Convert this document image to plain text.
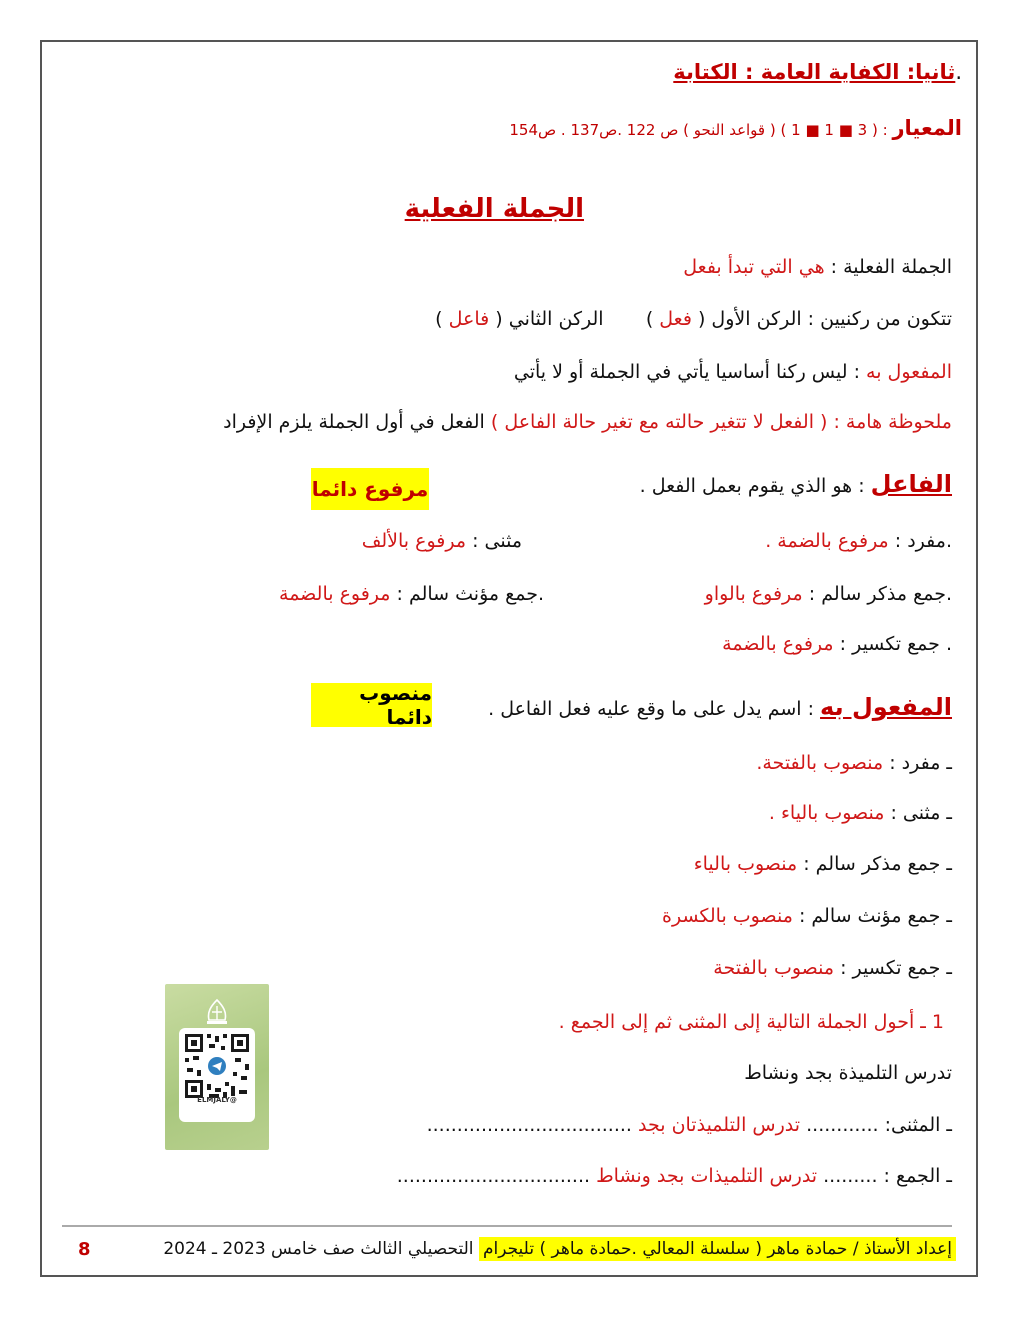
.ثانيا: الكفاية العامة : الكتابة
المعيار : ( 3 ■ 1 ■ 1 ) ( قواعد النحو ) ص 122 .ص137 . ص154
الجملة الفعلية
الجملة الفعلية : هي التي تبدأ بفعل
تتكون من ركنيين : الركن الأول ( فعل )       الركن الثاني ( فاعل )
المفعول به : ليس ركنا أساسيا يأتي في الجملة أو لا يأتي
ملحوظة هامة : ( الفعل لا تتغير حالته مع تغير حالة الفاعل ) الفعل في أول الجملة يلزم الإفراد
الفاعل : هو الذي يقوم بعمل الفعل .
مرفوع دائما
.مفرد : مرفوع بالضمة .
مثنى : مرفوع بالألف
.جمع مذكر سالم : مرفوع بالواو
.جمع مؤنث سالم : مرفوع بالضمة
. جمع تكسير : مرفوع بالضمة
المفعول به : اسم يدل على ما وقع عليه فعل الفاعل .
منصوب دائما
ـ مفرد : منصوب بالفتحة.
ـ مثنى : منصوب بالياء .
ـ جمع مذكر سالم : منصوب بالياء
ـ جمع مؤنث سالم : منصوب بالكسرة
ـ جمع تكسير : منصوب بالفتحة
1 ـ أحول الجملة التالية إلى المثنى ثم إلى الجمع .
تدرس التلميذة بجد ونشاط
ـ المثنى: ............ تدرس التلميذتان بجد ..................................
ـ الجمع : ......... تدرس التلميذات بجد ونشاط ................................
@ELMJALY
إعداد الأستاذ / حمادة ماهر ( سلسلة المعالي .حمادة ماهر ) تليجرام التحصيلي الثالث صف خامس 2023 ـ 2024
8
